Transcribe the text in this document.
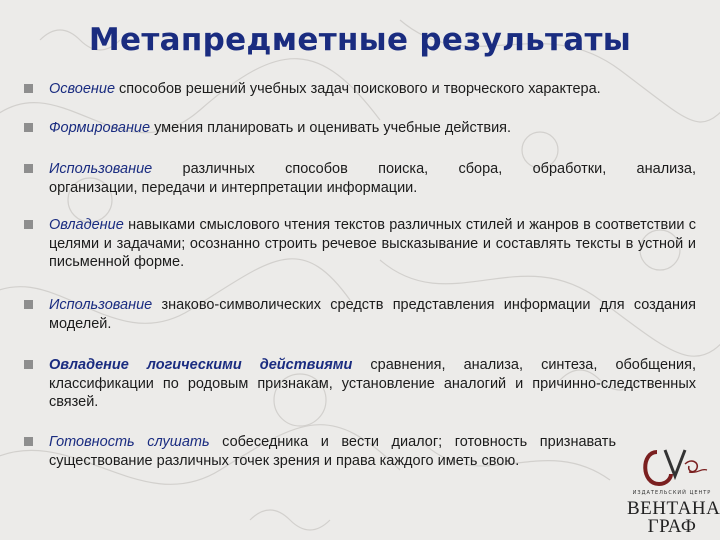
Метапредметные результаты
Освоение способов решений учебных задач поискового и творческого характера.
Формирование умения планировать и оценивать учебные действия.
Использование различных способов поиска, сбора, обработки, анализа,
организации, передачи и интерпретации информации.
Овладение навыками смыслового чтения текстов различных стилей и жанров в соответствии с целями и задачами; осознанно строить речевое высказывание и составлять тексты в устной и письменной форме.
Использование знаково-символических средств представления информации для создания моделей.
Овладение логическими действиями сравнения, анализа, синтеза, обобщения, классификации по родовым признакам, установление аналогий и причинно-следственных связей.
Готовность слушать собеседника и вести диалог; готовность признавать существование различных точек зрения и права каждого иметь свою.
ИЗДАТЕЛЬСКИЙ ЦЕНТР
ВЕНТАНА
ГРАФ
